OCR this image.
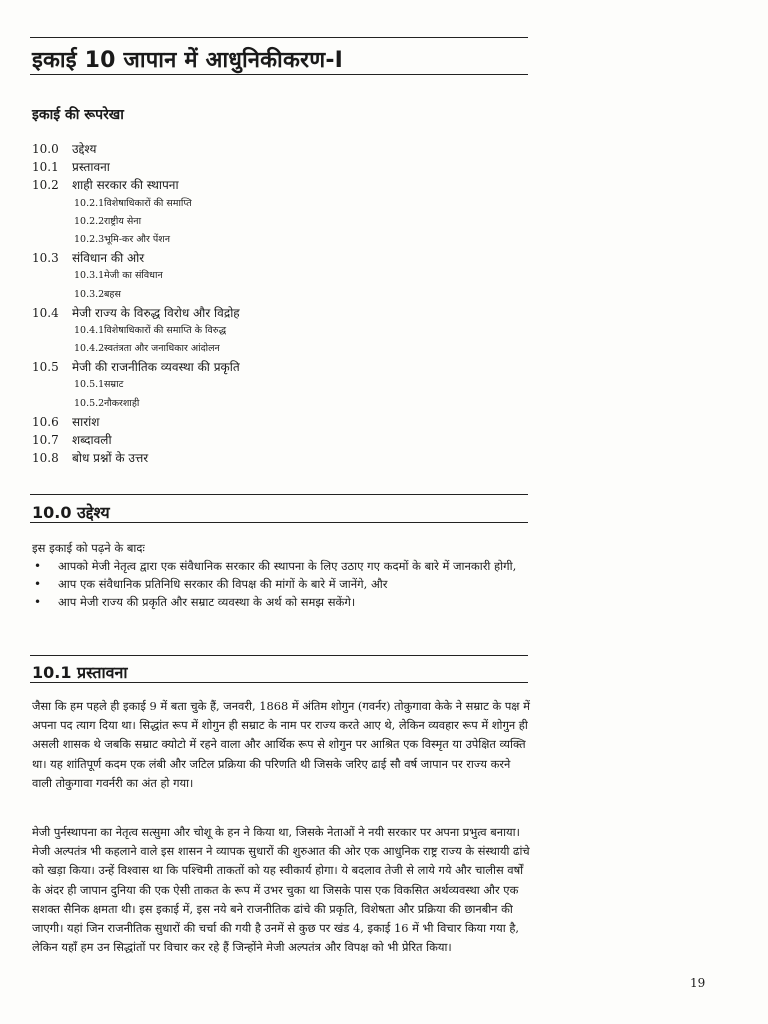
इकाई 10 जापान में आधुनिकीकरण-I
इकाई की रूपरेखा
10.0 उद्देश्य
10.1 प्रस्तावना
10.2 शाही सरकार की स्थापना
10.2.1 विशेषाधिकारों की समाप्ति
10.2.2 राष्ट्रीय सेना
10.2.3 भूमि-कर और पेंशन
10.3 संविधान की ओर
10.3.1 मेजी का संविधान
10.3.2 बहस
10.4 मेजी राज्य के विरुद्ध विरोध और विद्रोह
10.4.1 विशेषाधिकारों की समाप्ति के विरुद्ध
10.4.2 स्वतंत्रता और जनाधिकार आंदोलन
10.5 मेजी की राजनीतिक व्यवस्था की प्रकृति
10.5.1 सम्राट
10.5.2 नौकरशाही
10.6 सारांश
10.7 शब्दावली
10.8 बोध प्रश्नों के उत्तर
10.0 उद्देश्य
इस इकाई को पढ़ने के बादः
• आपको मेजी नेतृत्व द्वारा एक संवैधानिक सरकार की स्थापना के लिए उठाए गए कदमों के बारे में जानकारी होगी,
• आप एक संवैधानिक प्रतिनिधि सरकार की विपक्ष की मांगों के बारे में जानेंगे, और
• आप मेजी राज्य की प्रकृति और सम्राट व्यवस्था के अर्थ को समझ सकेंगे।
10.1 प्रस्तावना

जैसा कि हम पहले ही इकाई 9 में बता चुके हैं, जनवरी, 1868 में अंतिम शोगुन (गवर्नर) तोकुगावा केके ने सम्राट के पक्ष में अपना पद त्याग दिया था। सिद्धांत रूप में शोगुन ही सम्राट के नाम पर राज्य करते आए थे, लेकिन व्यवहार रूप में शोगुन ही असली शासक थे जबकि सम्राट क्योटो में रहने वाला और आर्थिक रूप से शोगुन पर आश्रित एक विस्मृत या उपेक्षित व्यक्ति था। यह शांतिपूर्ण कदम एक लंबी और जटिल प्रक्रिया की परिणति थी जिसके जरिए ढाई सौ वर्ष जापान पर राज्य करने वाली तोकुगावा गवर्नरी का अंत हो गया।

मेजी पुर्नस्थापना का नेतृत्व सत्सुमा और चोशू के हन ने किया था, जिसके नेताओं ने नयी सरकार पर अपना प्रभुत्व बनाया। मेजी अल्पतंत्र भी कहलाने वाले इस शासन ने व्यापक सुधारों की शुरुआत की ओर एक आधुनिक राष्ट्र राज्य के संस्थायी ढांचे को खड़ा किया। उन्हें विश्वास था कि पश्चिमी ताकतों को यह स्वीकार्य होगा। ये बदलाव तेजी से लाये गये और चालीस वर्षों के अंदर ही जापान दुनिया की एक ऐसी ताकत के रूप में उभर चुका था जिसके पास एक विकसित अर्थव्यवस्था और एक सशक्त सैनिक क्षमता थी। इस इकाई में, इस नये बने राजनीतिक ढांचे की प्रकृति, विशेषता और प्रक्रिया की छानबीन की जाएगी। यहां जिन राजनीतिक सुधारों की चर्चा की गयी है उनमें से कुछ पर खंड 4, इकाई 16 में भी विचार किया गया है, लेकिन यहाँ हम उन सिद्धांतों पर विचार कर रहे हैं जिन्होंने मेजी अल्पतंत्र और विपक्ष को भी प्रेरित किया।

19
